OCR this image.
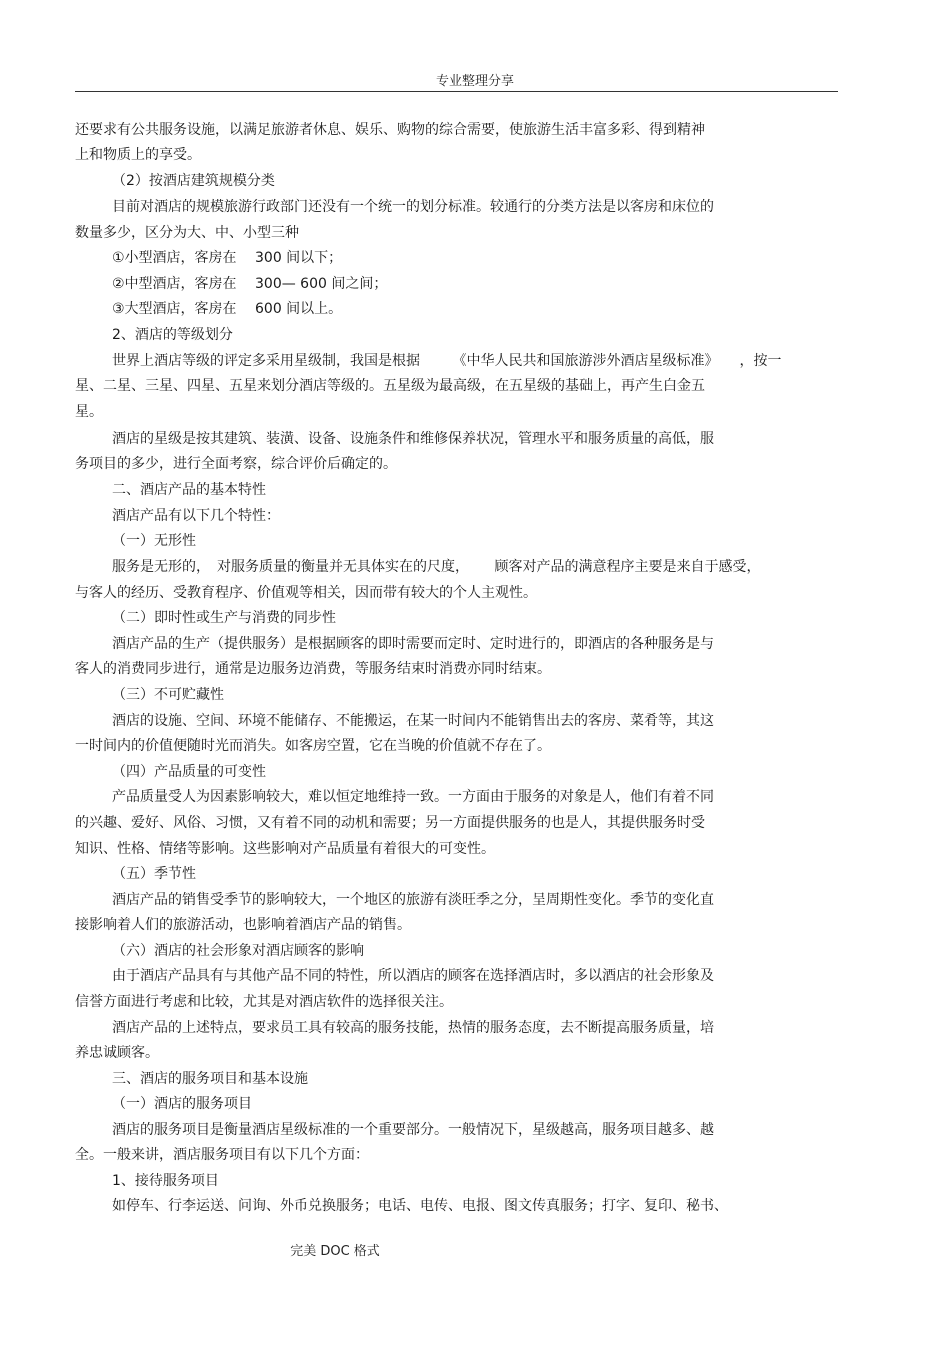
专业整理分享
还要求有公共服务设施，以满足旅游者休息、娱乐、购物的综合需要，使旅游生活丰富多彩、得到精神
上和物质上的享受。
（2）按酒店建筑规模分类
目前对酒店的规模旅游行政部门还没有一个统一的划分标准。较通行的分类方法是以客房和床位的
数量多少，区分为大、中、小型三种
①小型酒店，客房在　 300 间以下；
②中型酒店，客房在　 300— 600 间之间；
③大型酒店，客房在　 600 间以上。
2、酒店的等级划分
世界上酒店等级的评定多采用星级制，我国是根据　　 《中华人民共和国旅游涉外酒店星级标准》　　，按一
星、二星、三星、四星、五星来划分酒店等级的。五星级为最高级，在五星级的基础上，再产生白金五
星。
酒店的星级是按其建筑、装潢、设备、设施条件和维修保养状况，管理水平和服务质量的高低，服
务项目的多少，进行全面考察，综合评价后确定的。
二、酒店产品的基本特性
酒店产品有以下几个特性：
（一）无形性
服务是无形的，　对服务质量的衡量并无具体实在的尺度，　　 顾客对产品的满意程序主要是来自于感受，
与客人的经历、受教育程序、价值观等相关，因而带有较大的个人主观性。
（二）即时性或生产与消费的同步性
酒店产品的生产（提供服务）是根据顾客的即时需要而定时、定时进行的，即酒店的各种服务是与
客人的消费同步进行，通常是边服务边消费，等服务结束时消费亦同时结束。
（三）不可贮藏性
酒店的设施、空间、环境不能储存、不能搬运，在某一时间内不能销售出去的客房、菜肴等，其这
一时间内的价值便随时光而消失。如客房空置，它在当晚的价值就不存在了。
（四）产品质量的可变性
产品质量受人为因素影响较大，难以恒定地维持一致。一方面由于服务的对象是人，他们有着不同
的兴趣、爱好、风俗、习惯，又有着不同的动机和需要；另一方面提供服务的也是人，其提供服务时受
知识、性格、情绪等影响。这些影响对产品质量有着很大的可变性。
（五）季节性
酒店产品的销售受季节的影响较大，一个地区的旅游有淡旺季之分，呈周期性变化。季节的变化直
接影响着人们的旅游活动，也影响着酒店产品的销售。
（六）酒店的社会形象对酒店顾客的影响
由于酒店产品具有与其他产品不同的特性，所以酒店的顾客在选择酒店时，多以酒店的社会形象及
信誉方面进行考虑和比较，尤其是对酒店软件的选择很关注。
酒店产品的上述特点，要求员工具有较高的服务技能，热情的服务态度，去不断提高服务质量，培
养忠诚顾客。
三、酒店的服务项目和基本设施
（一）酒店的服务项目
酒店的服务项目是衡量酒店星级标准的一个重要部分。一般情况下，星级越高，服务项目越多、越
全。一般来讲，酒店服务项目有以下几个方面：
1、接待服务项目
如停车、行李运送、问询、外币兑换服务；电话、电传、电报、图文传真服务；打字、复印、秘书、
完美 DOC 格式
